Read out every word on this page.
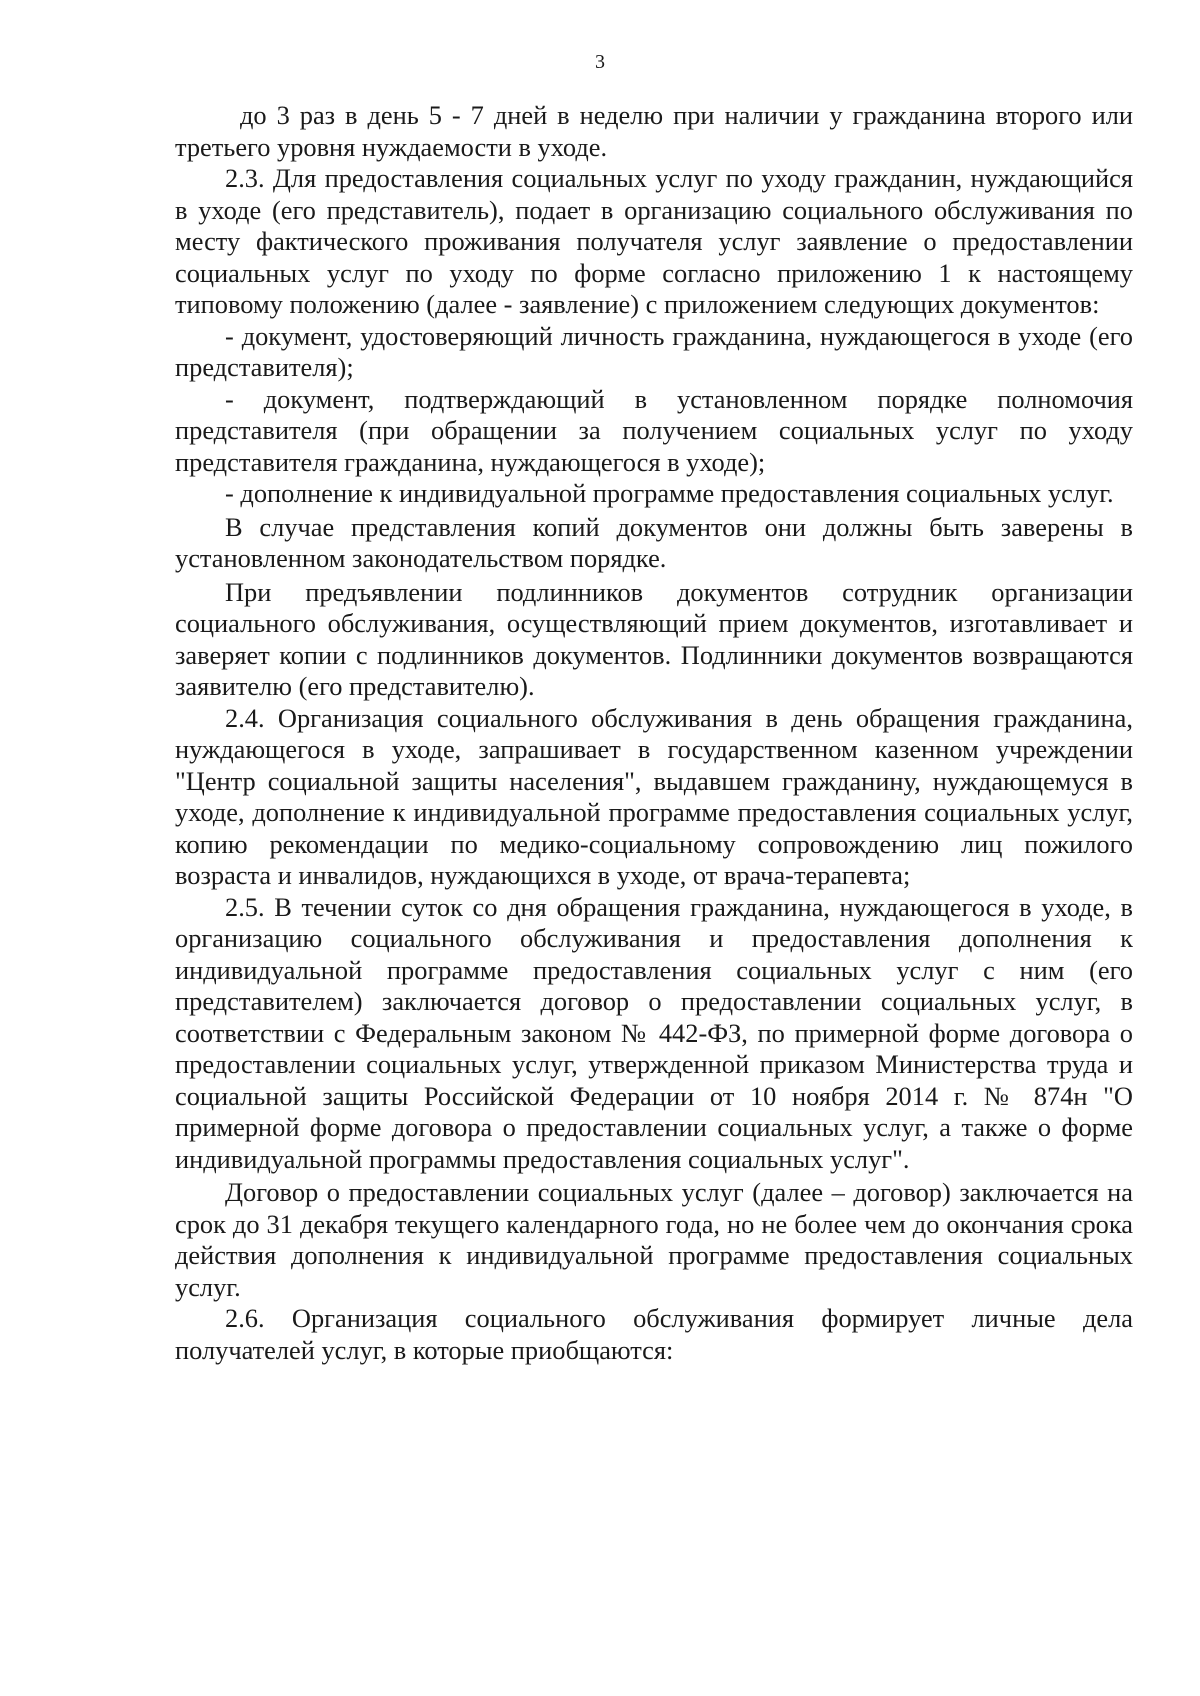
3

до 3 раз в день 5 - 7 дней в неделю при наличии у гражданина второго или третьего уровня нуждаемости в уходе.

2.3. Для предоставления социальных услуг по уходу гражданин, нуждающийся в уходе (его представитель), подает в организацию социального обслуживания по месту фактического проживания получателя услуг заявление о предоставлении социальных услуг по уходу по форме согласно приложению 1 к настоящему типовому положению (далее - заявление) с приложением следующих документов:

- документ, удостоверяющий личность гражданина, нуждающегося в уходе (его представителя);

- документ, подтверждающий в установленном порядке полномочия представителя (при обращении за получением социальных услуг по уходу представителя гражданина, нуждающегося в уходе);

- дополнение к индивидуальной программе предоставления социальных услуг.

В случае представления копий документов они должны быть заверены в установленном законодательством порядке.

При предъявлении подлинников документов сотрудник организации социального обслуживания, осуществляющий прием документов, изготавливает и заверяет копии с подлинников документов. Подлинники документов возвращаются заявителю (его представителю).

2.4. Организация социального обслуживания в день обращения гражданина, нуждающегося в уходе, запрашивает в государственном казенном учреждении "Центр социальной защиты населения", выдавшем гражданину, нуждающемуся в уходе, дополнение к индивидуальной программе предоставления социальных услуг, копию рекомендации по медико-социальному сопровождению лиц пожилого возраста и инвалидов, нуждающихся в уходе, от врача-терапевта;

2.5. В течении суток со дня обращения гражданина, нуждающегося в уходе, в организацию социального обслуживания и предоставления дополнения к индивидуальной программе предоставления социальных услуг с ним (его представителем) заключается договор о предоставлении социальных услуг, в соответствии с Федеральным законом № 442-ФЗ, по примерной форме договора о предоставлении социальных услуг, утвержденной приказом Министерства труда и социальной защиты Российской Федерации от 10 ноября 2014 г. № 874н "О примерной форме договора о предоставлении социальных услуг, а также о форме индивидуальной программы предоставления социальных услуг".

Договор о предоставлении социальных услуг (далее – договор) заключается на срок до 31 декабря текущего календарного года, но не более чем до окончания срока действия дополнения к индивидуальной программе предоставления социальных услуг.

2.6. Организация социального обслуживания формирует личные дела получателей услуг, в которые приобщаются:
